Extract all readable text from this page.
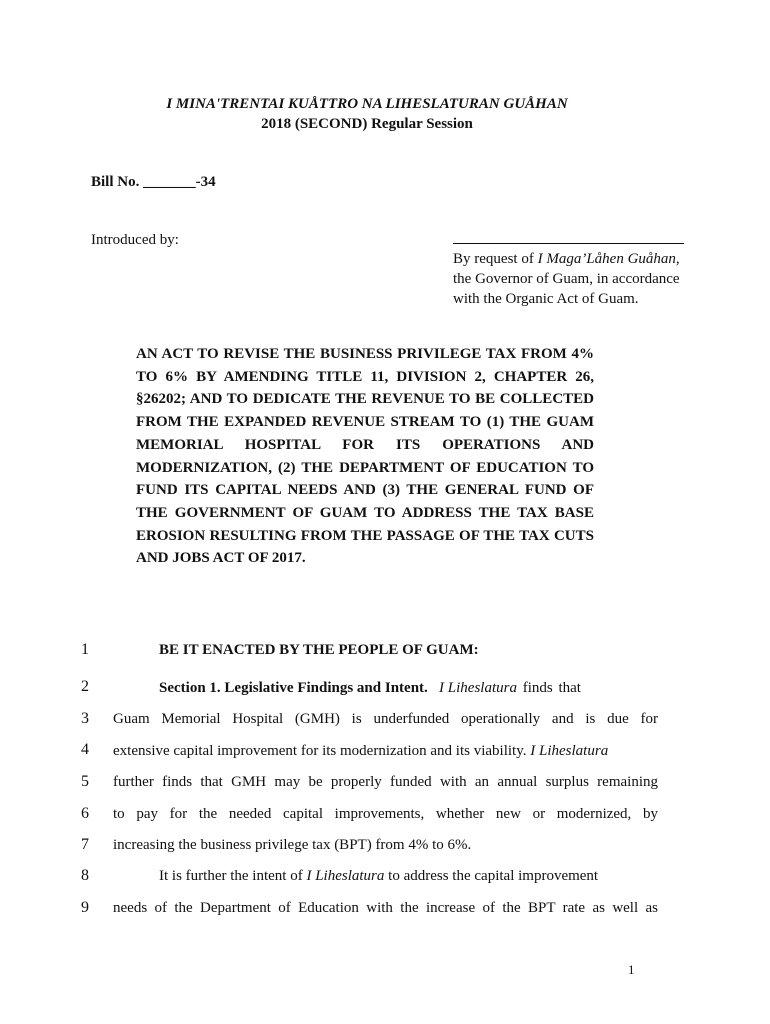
I MINA'TRENTAI KUÅTTRO NA LIHESLATURAN GUÅHAN
2018 (SECOND) Regular Session
Bill No. _______-34
Introduced by:
By request of I Maga’Låhen Guåhan,
the Governor of Guam, in accordance
with the Organic Act of Guam.
AN ACT TO REVISE THE BUSINESS PRIVILEGE TAX FROM 4% TO 6% BY AMENDING TITLE 11, DIVISION 2, CHAPTER 26, §26202; AND TO DEDICATE THE REVENUE TO BE COLLECTED FROM THE EXPANDED REVENUE STREAM TO (1) THE GUAM MEMORIAL HOSPITAL FOR ITS OPERATIONS AND MODERNIZATION, (2) THE DEPARTMENT OF EDUCATION TO FUND ITS CAPITAL NEEDS AND (3) THE GENERAL FUND OF THE GOVERNMENT OF GUAM TO ADDRESS THE TAX BASE EROSION RESULTING FROM THE PASSAGE OF THE TAX CUTS AND JOBS ACT OF 2017.
1
2
3
4
5
6
7
8
9
BE IT ENACTED BY THE PEOPLE OF GUAM:
Section 1. Legislative Findings and Intent. I Liheslatura finds that
Guam Memorial Hospital (GMH) is underfunded operationally and is due for
extensive capital improvement for its modernization and its viability. I Liheslatura
further finds that GMH may be properly funded with an annual surplus remaining
to pay for the needed capital improvements, whether new or modernized, by
increasing the business privilege tax (BPT) from 4% to 6%.
It is further the intent of I Liheslatura to address the capital improvement
needs of the Department of Education with the increase of the BPT rate as well as
1
